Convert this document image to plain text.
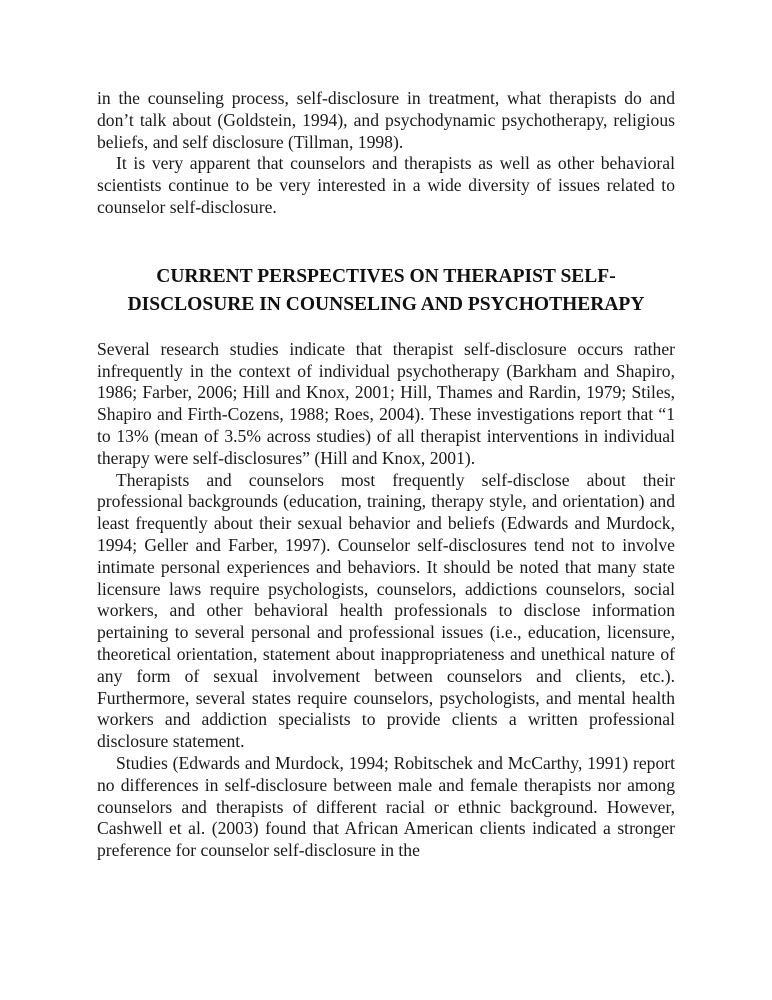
in the counseling process, self-disclosure in treatment, what therapists do and don’t talk about (Goldstein, 1994), and psychodynamic psychotherapy, religious beliefs, and self disclosure (Tillman, 1998).

It is very apparent that counselors and therapists as well as other behavioral scientists continue to be very interested in a wide diversity of issues related to counselor self-disclosure.

CURRENT PERSPECTIVES ON THERAPIST SELF-
DISCLOSURE IN COUNSELING AND PSYCHOTHERAPY

Several research studies indicate that therapist self-disclosure occurs rather infrequently in the context of individual psychotherapy (Barkham and Shapiro, 1986; Farber, 2006; Hill and Knox, 2001; Hill, Thames and Rardin, 1979; Stiles, Shapiro and Firth-Cozens, 1988; Roes, 2004). These investigations report that “1 to 13% (mean of 3.5% across studies) of all therapist interventions in individual therapy were self-disclosures” (Hill and Knox, 2001).

Therapists and counselors most frequently self-disclose about their professional backgrounds (education, training, therapy style, and orientation) and least frequently about their sexual behavior and beliefs (Edwards and Murdock, 1994; Geller and Farber, 1997). Counselor self-disclosures tend not to involve intimate personal experiences and behaviors. It should be noted that many state licensure laws require psychologists, counselors, addictions counselors, social workers, and other behavioral health professionals to disclose information pertaining to several personal and professional issues (i.e., education, licensure, theoretical orientation, statement about inappropriateness and unethical nature of any form of sexual involvement between counselors and clients, etc.). Furthermore, several states require counselors, psychologists, and mental health workers and addiction specialists to provide clients a written professional disclosure statement.

Studies (Edwards and Murdock, 1994; Robitschek and McCarthy, 1991) report no differences in self-disclosure between male and female therapists nor among counselors and therapists of different racial or ethnic background. However, Cashwell et al. (2003) found that African American clients indicated a stronger preference for counselor self-disclosure in the
